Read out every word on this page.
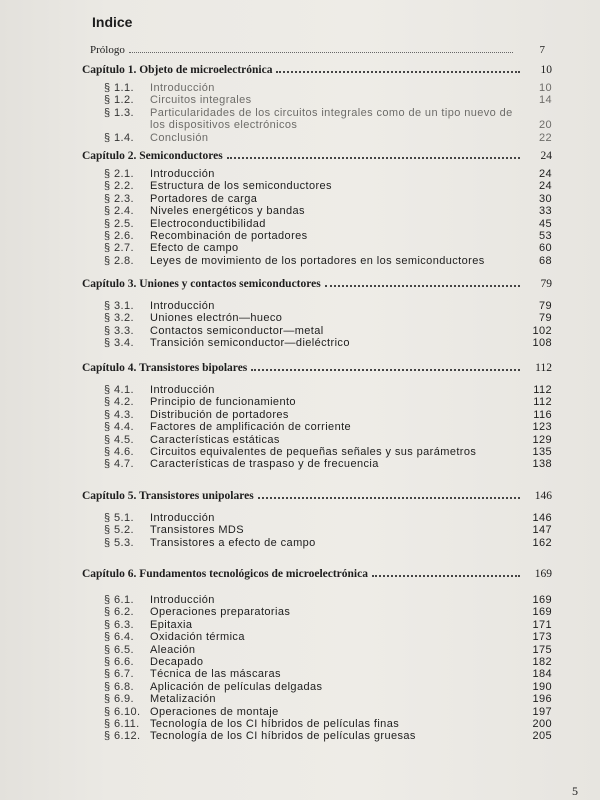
Indice
Prólogo	7
Capítulo 1. Objeto de microelectrónica	10
§ 1.1.	Introducción	10
§ 1.2.	Circuitos integrales	14
§ 1.3.	Particularidades de los circuitos integrales como de un tipo nuevo de los dispositivos electrónicos	20
§ 1.4.	Conclusión	22
Capítulo 2. Semiconductores	24
§ 2.1.	Introducción	24
§ 2.2.	Estructura de los semiconductores	24
§ 2.3.	Portadores de carga	30
§ 2.4.	Niveles energéticos y bandas	33
§ 2.5.	Electroconductibilidad	45
§ 2.6.	Recombinación de portadores	53
§ 2.7.	Efecto de campo	60
§ 2.8.	Leyes de movimiento de los portadores en los semiconductores	68
Capítulo 3. Uniones y contactos semiconductores	79
§ 3.1.	Introducción	79
§ 3.2.	Uniones electrón—hueco	79
§ 3.3.	Contactos semiconductor—metal	102
§ 3.4.	Transición semiconductor—dieléctrico	108
Capítulo 4. Transistores bipolares	112
§ 4.1.	Introducción	112
§ 4.2.	Principio de funcionamiento	112
§ 4.3.	Distribución de portadores	116
§ 4.4.	Factores de amplificación de corriente	123
§ 4.5.	Características estáticas	129
§ 4.6.	Circuitos equivalentes de pequeñas señales y sus parámetros	135
§ 4.7.	Características de traspaso y de frecuencia	138
Capítulo 5. Transistores unipolares	146
§ 5.1.	Introducción	146
§ 5.2.	Transistores MDS	147
§ 5.3.	Transistores a efecto de campo	162
Capítulo 6. Fundamentos tecnológicos de microelectrónica	169
§ 6.1.	Introducción	169
§ 6.2.	Operaciones preparatorias	169
§ 6.3.	Epitaxia	171
§ 6.4.	Oxidación térmica	173
§ 6.5.	Aleación	175
§ 6.6.	Decapado	182
§ 6.7.	Técnica de las máscaras	184
§ 6.8.	Aplicación de películas delgadas	190
§ 6.9.	Metalización	196
§ 6.10. Operaciones de montaje	197
§ 6.11. Tecnología de los CI híbridos de películas finas	200
§ 6.12. Tecnología de los CI híbridos de películas gruesas	205
5
